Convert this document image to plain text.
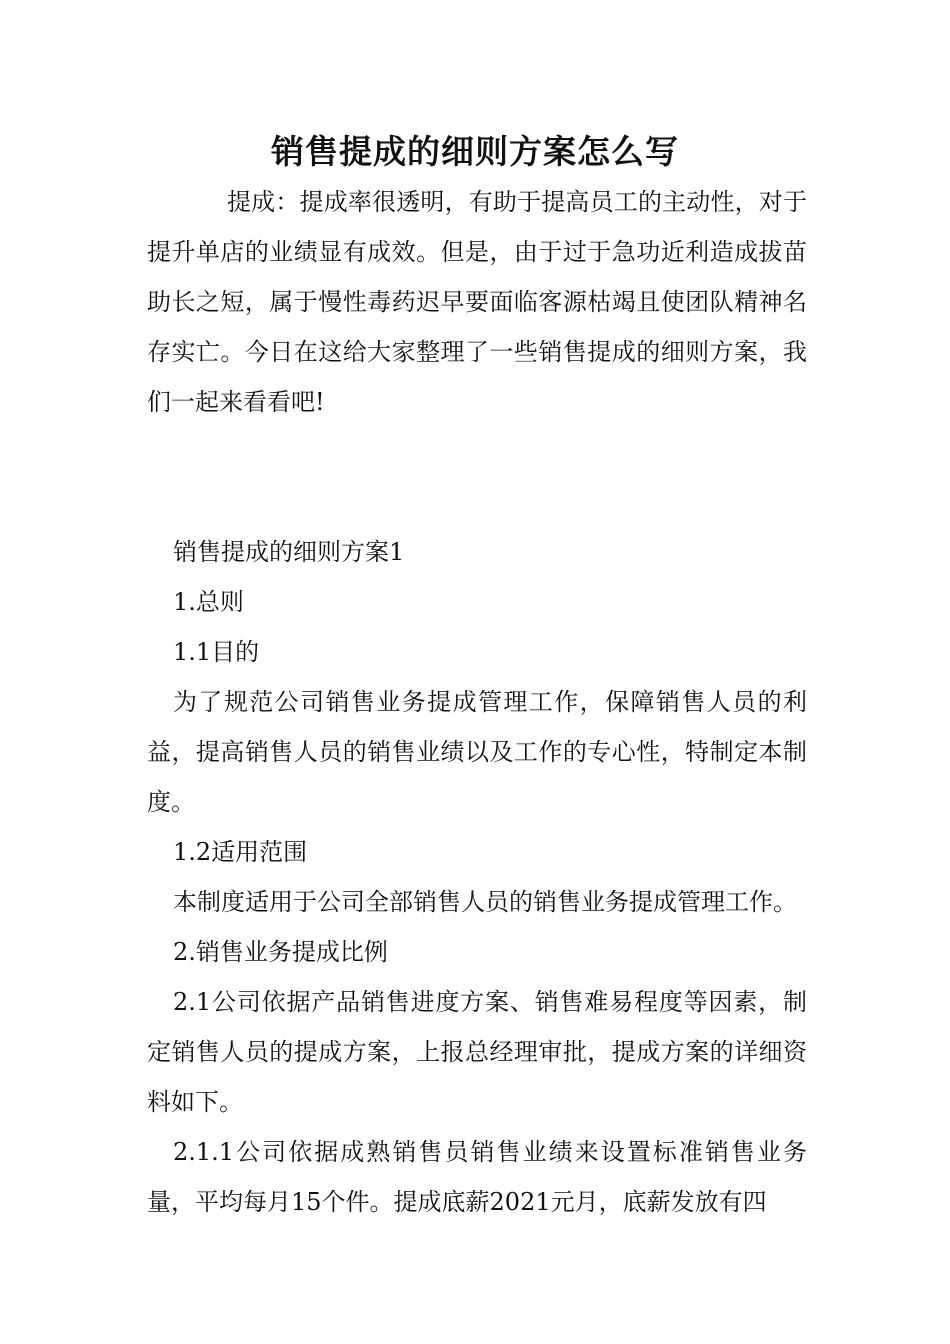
销售提成的细则方案怎么写

提成：提成率很透明，有助于提高员工的主动性，对于提升单店的业绩显有成效。但是，由于过于急功近利造成拔苗助长之短，属于慢性毒药迟早要面临客源枯竭且使团队精神名存实亡。今日在这给大家整理了一些销售提成的细则方案，我们一起来看看吧!

销售提成的细则方案1

1.总则

1.1目的

为了规范公司销售业务提成管理工作，保障销售人员的利益，提高销售人员的销售业绩以及工作的专心性，特制定本制度。

1.2适用范围

本制度适用于公司全部销售人员的销售业务提成管理工作。

2.销售业务提成比例

2.1公司依据产品销售进度方案、销售难易程度等因素，制定销售人员的提成方案，上报总经理审批，提成方案的详细资料如下。

2.1.1公司依据成熟销售员销售业绩来设置标准销售业务量，平均每月15个件。提成底薪2021元月，底薪发放有四
